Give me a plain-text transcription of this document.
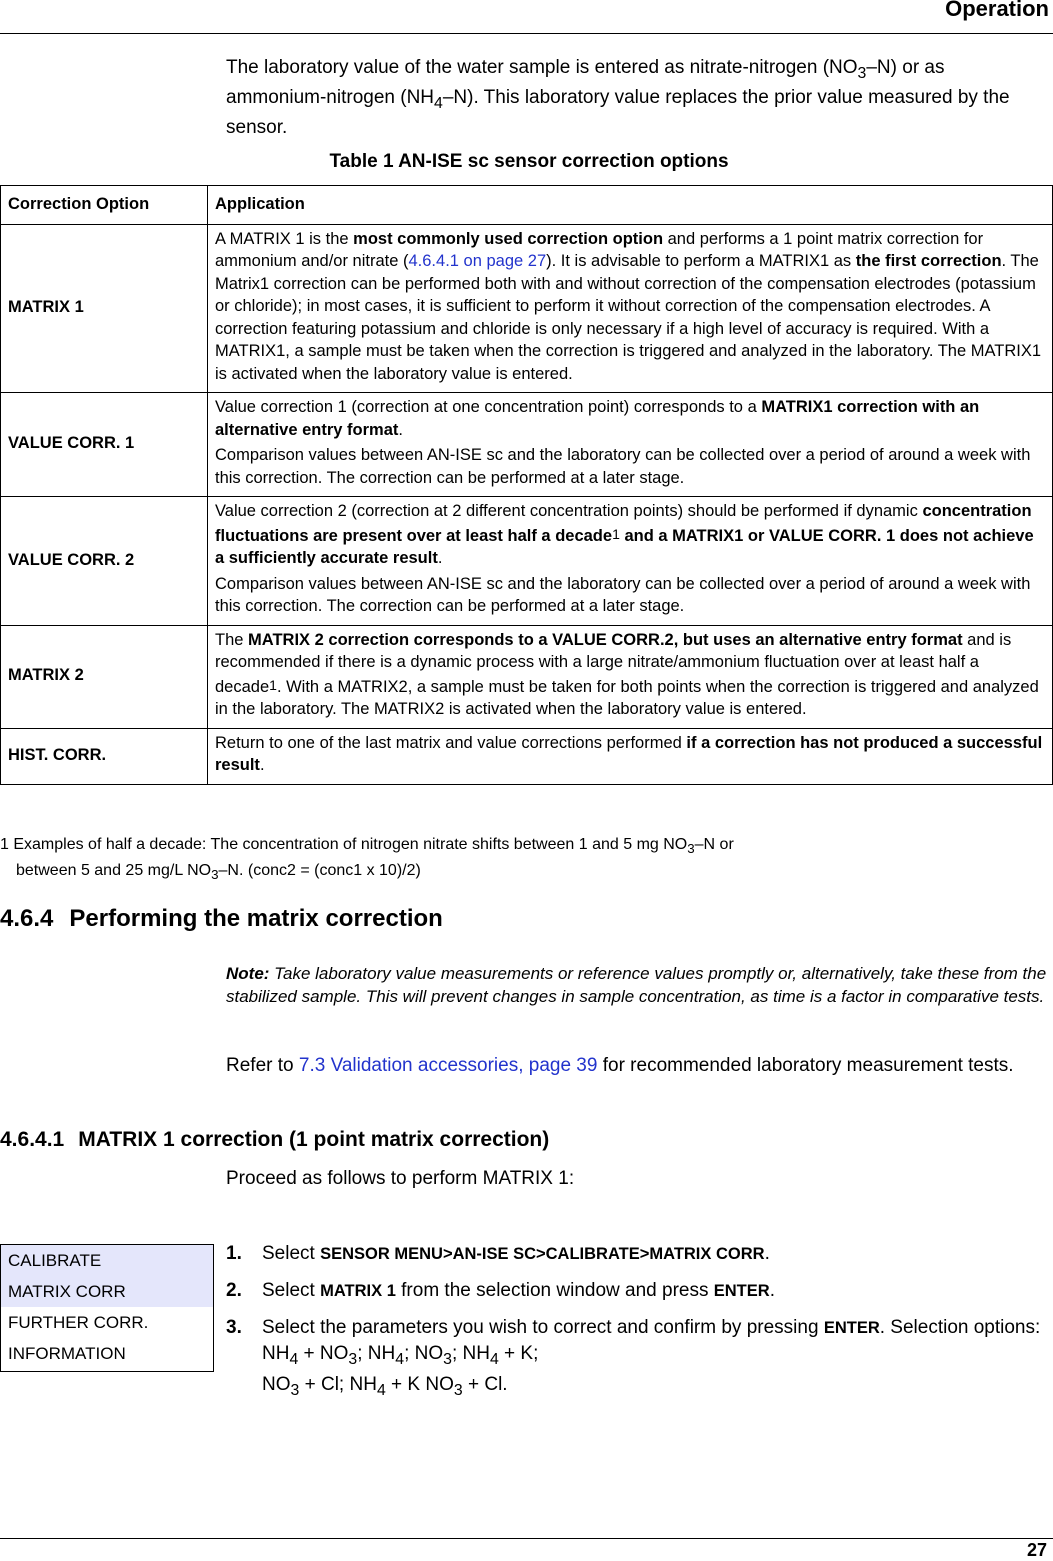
Operation

The laboratory value of the water sample is entered as nitrate-nitrogen $(NO_3-N)$ or as ammonium-nitrogen $(NH_4-N)$. This laboratory value replaces the prior value measured by the sensor.

Table 1 AN-ISE sc sensor correction options
Correction Option	Application
MATRIX 1	A MATRIX 1 is the most commonly used correction option and performs a 1 point matrix correction for ammonium and/or nitrate (4.6.4.1 on page 27). It is advisable to perform a MATRIX1 as the first correction. The Matrix1 correction can be performed both with and without correction of the compensation electrodes (potassium or chloride); in most cases, it is sufficient to perform it without correction of the compensation electrodes. A correction featuring potassium and chloride is only necessary if a high level of accuracy is required. With a MATRIX1, a sample must be taken when the correction is triggered and analyzed in the laboratory. The MATRIX1 is activated when the laboratory value is entered.

VALUE CORR. 1	Value correction 1 (correction at one concentration point) corresponds to a MATRIX1 correction with an alternative entry format.

Comparison values between AN-ISE sc and the laboratory can be collected over a period of around a week with this correction. The correction can be performed at a later stage.

VALUE CORR. 2	Value correction 2 (correction at 2 different concentration points) should be performed if dynamic concentration fluctuations are present over at least half a decade1 and a MATRIX1 or VALUE CORR. 1 does not achieve a sufficiently accurate result.

Comparison values between AN-ISE sc and the laboratory can be collected over a period of around a week with this correction. The correction can be performed at a later stage.

MATRIX 2	The MATRIX 2 correction corresponds to a VALUE CORR.2, but uses an alternative entry format and is recommended if there is a dynamic process with a large nitrate/ammonium fluctuation over at least half a decade1. With a MATRIX2, a sample must be taken for both points when the correction is triggered and analyzed in the laboratory. The MATRIX2 is activated when the laboratory value is entered.

HIST. CORR.	Return to one of the last matrix and value corrections performed if a correction has not produced a successful result.

1 Examples of half a decade: The concentration of nitrogen nitrate shifts between 1 and 5 mg $NO_3-N$ or
between 5 and 25 mg/L $NO_3-N$. (conc2 = (conc1 x 10)/2)
4.6.4 Performing the matrix correction

Note: Take laboratory value measurements or reference values promptly or, alternatively, take these from the stabilized sample. This will prevent changes in sample concentration, as time is a factor in comparative tests.

Refer to 7.3 Validation accessories, page 39 for recommended laboratory measurement tests.

4.6.4.1 MATRIX 1 correction (1 point matrix correction)
Proceed as follows to perform MATRIX 1:
CALIBRATE
MATRIX CORR
FURTHER CORR.
INFORMATION
1. Select SENSOR MENU>AN-ISE SC>CALIBRATE>MATRIX CORR.
2. Select MATRIX 1 from the selection window and press ENTER.
3. Select the parameters you wish to correct and confirm by pressing ENTER. Selection options:
$NH_4 + NO_3$; $NH_4$; $NO_3$; $NH_4 + K$;
$NO_3 + Cl$; $NH_4 + K$ $NO_3 + Cl$.
27
